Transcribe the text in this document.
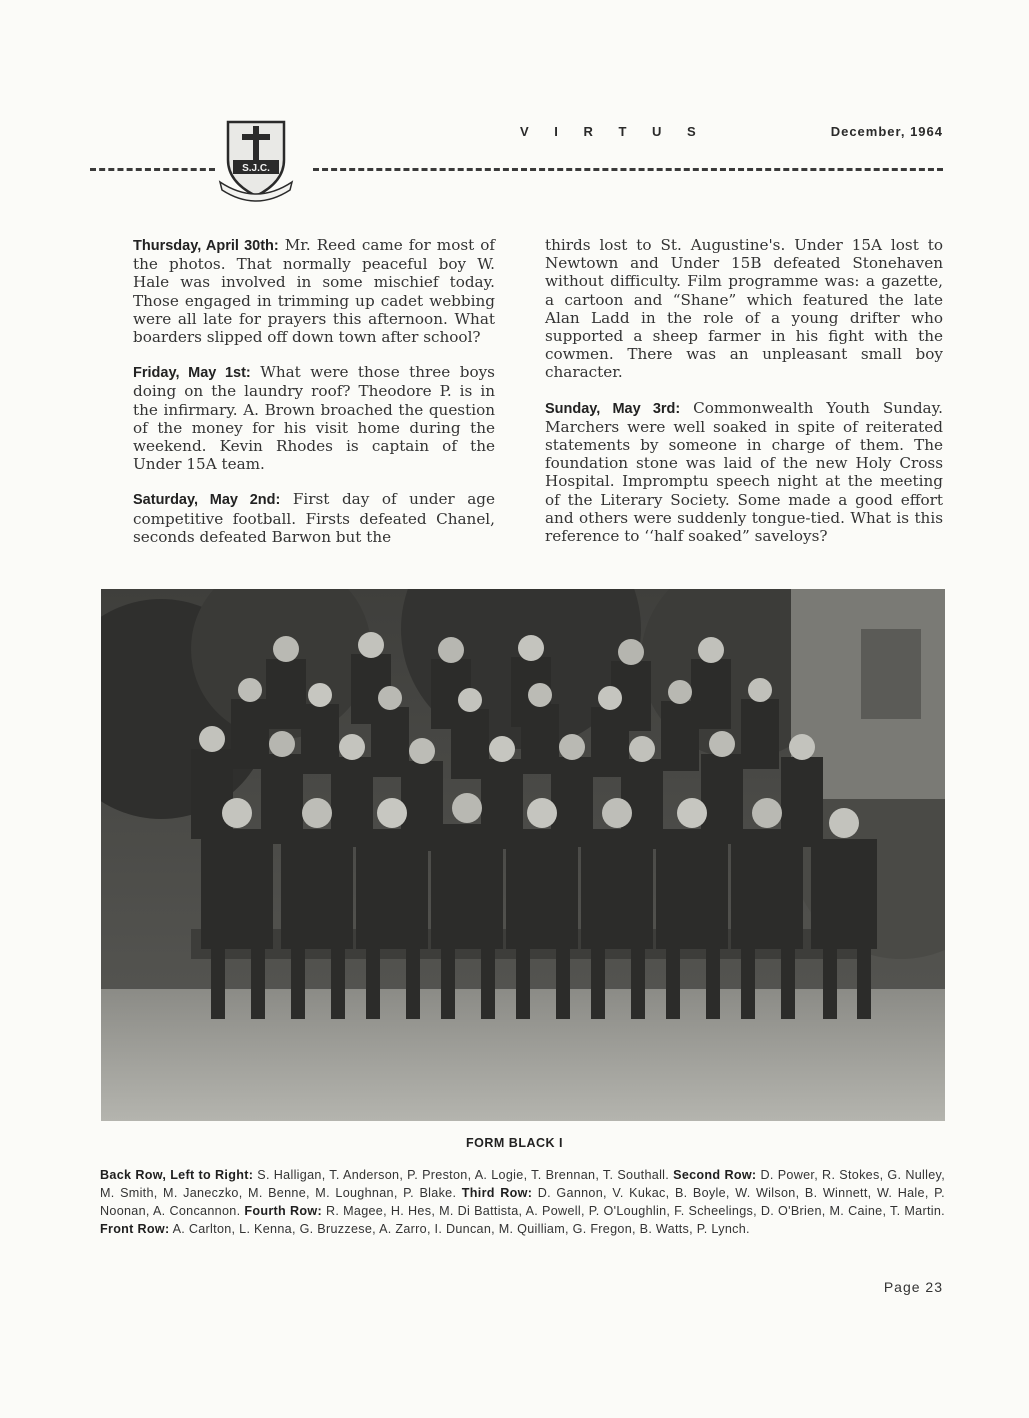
S.J.C.
V I R T U S	December, 1964

Thursday, April 30th: Mr. Reed came for most of the photos. That normally peaceful boy W. Hale was involved in some mischief today. Those engaged in trimming up cadet webbing were all late for prayers this afternoon. What boarders slipped off down town after school?

Friday, May 1st: What were those three boys doing on the laundry roof? Theodore P. is in the infirmary. A. Brown broached the question of the money for his visit home during the weekend. Kevin Rhodes is captain of the Under 15A team.

Saturday, May 2nd: First day of under age competitive football. Firsts defeated Chanel, seconds defeated Barwon but the

thirds lost to St. Augustine's. Under 15A lost to Newtown and Under 15B defeated Stonehaven without difficulty. Film programme was: a gazette, a cartoon and “Shane” which featured the late Alan Ladd in the role of a young drifter who supported a sheep farmer in his fight with the cowmen. There was an unpleasant small boy character.

Sunday, May 3rd: Commonwealth Youth Sunday. Marchers were well soaked in spite of reiterated statements by someone in charge of them. The foundation stone was laid of the new Holy Cross Hospital. Impromptu speech night at the meeting of the Literary Society. Some made a good effort and others were suddenly tongue-tied. What is this reference to ‘‘half soaked” saveloys?

FORM BLACK I
Back Row, Left to Right: S. Halligan, T. Anderson, P. Preston, A. Logie, T. Brennan, T. Southall. Second Row: D. Power, R. Stokes, G. Nulley, M. Smith, M. Janeczko, M. Benne, M. Loughnan, P. Blake. Third Row: D. Gannon, V. Kukac, B. Boyle, W. Wilson, B. Winnett, W. Hale, P. Noonan, A. Concannon. Fourth Row: R. Magee, H. Hes, M. Di Battista, A. Powell, P. O'Loughlin, F. Scheelings, D. O'Brien, M. Caine, T. Martin. Front Row: A. Carlton, L. Kenna, G. Bruzzese, A. Zarro, I. Duncan, M. Quilliam, G. Fregon, B. Watts, P. Lynch.
Page 23
